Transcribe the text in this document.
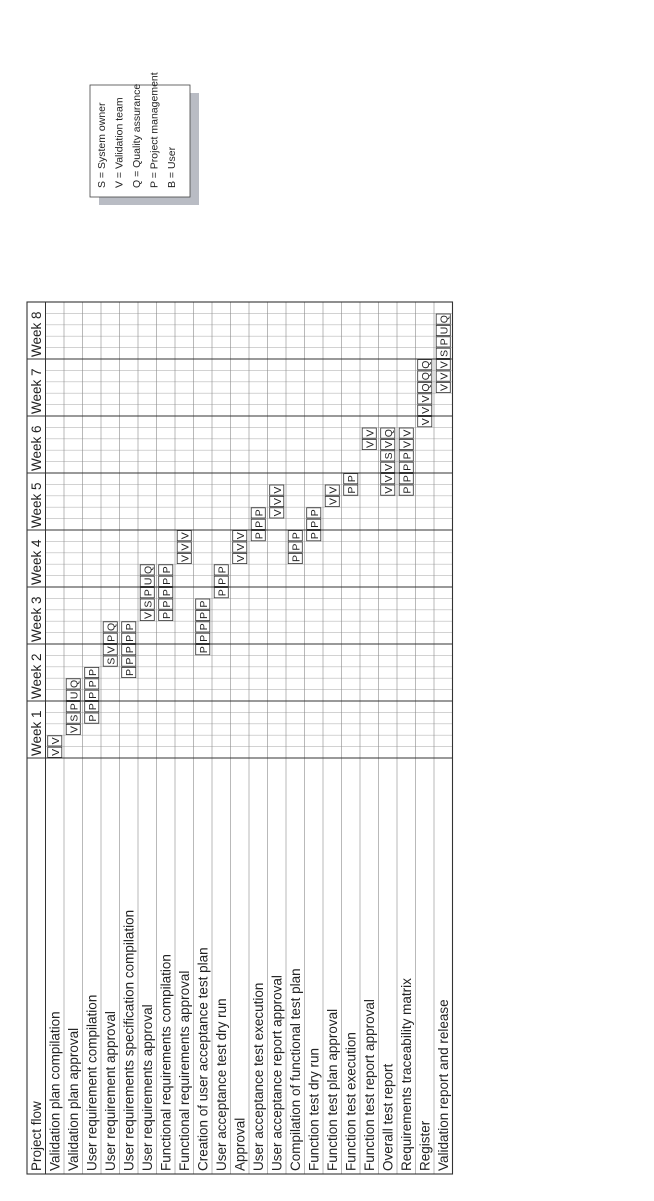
Project flow
Week 1
Week 2
Week 3
Week 4
Week 5
Week 6
Week 7
Week 8
Validation plan compilation
V
V
Validation plan approval
V
S
P
U
Q
User requirement compilation
P
P
P
P
P
User requirement approval
S
V
P
Q
User requirements specification compilation
P
P
P
P
P
User requirements approval
V
S
P
U
Q
Functional requirements compilation
P
P
P
P
P
Functional requirements approval
V
V
V
Creation of user acceptance test plan
P
P
P
P
P
User acceptance test dry run
P
P
P
Approval
V
V
V
User acceptance test execution
P
P
P
User acceptance report approval
V
V
V
Compilation of functional test plan
P
P
P
Function test dry run
P
P
P
Function test plan approval
V
V
Function test execution
P
P
Function test report approval
V
V
Overall test report
V
V
V
S
V
Q
Requirements traceability matrix
P
P
P
P
V
V
Register
V
V
V
Q
Q
Q
Validation report and release
V
V
V
S
P
U
Q
S = System owner V = Validation team Q = Quality assurance P = Project management B = User
